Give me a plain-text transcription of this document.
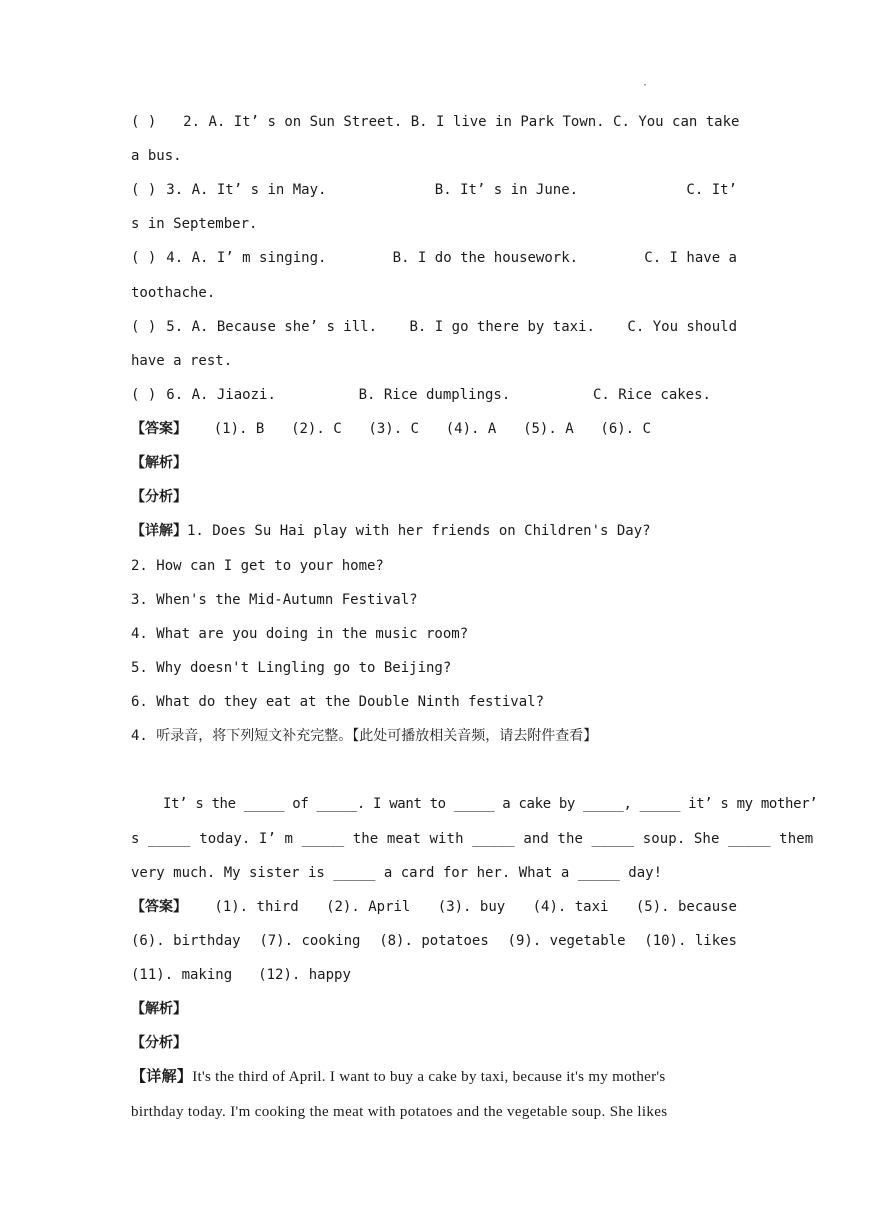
·
( ) 2. A. It’ s on Sun Street. B. I live in Park Town. C. You can take
a bus.
( ) 3. A. It’ s in May.	B. It’ s in June.	C. It’
s in September.
( ) 4. A. I’ m singing.	B. I do the housework.	C. I have a
toothache.
( ) 5. A. Because she’ s ill. B. I go there by taxi. C. You should
have a rest.
( ) 6. A. Jiaozi.	B. Rice dumplings.	C. Rice cakes.
【答案】 (1). B (2). C (3). C (4). A (5). A (6). C
【解析】
【分析】
【详解】1. Does Su Hai play with her friends on Children's Day?
2. How can I get to your home?
3. When's the Mid-Autumn Festival?
4. What are you doing in the music room?
5. Why doesn't Lingling go to Beijing?
6. What do they eat at the Double Ninth festival?
4. 听录音，将下列短文补充完整。【此处可播放相关音频，请去附件查看】
It’ s the _____ of _____. I want to _____ a cake by _____, _____ it’ s my mother’
s _____ today. I’ m _____ the meat with _____ and the _____ soup. She _____ them
very much. My sister is _____ a card for her. What a _____ day!
【答案】 (1). third (2). April (3). buy (4). taxi (5). because
(6). birthday (7). cooking (8). potatoes (9). vegetable (10). likes
(11). making (12). happy
【解析】
【分析】
【详解】It's the third of April. I want to buy a cake by taxi, because it's my mother's
birthday today. I'm cooking the meat with potatoes and the vegetable soup. She likes
